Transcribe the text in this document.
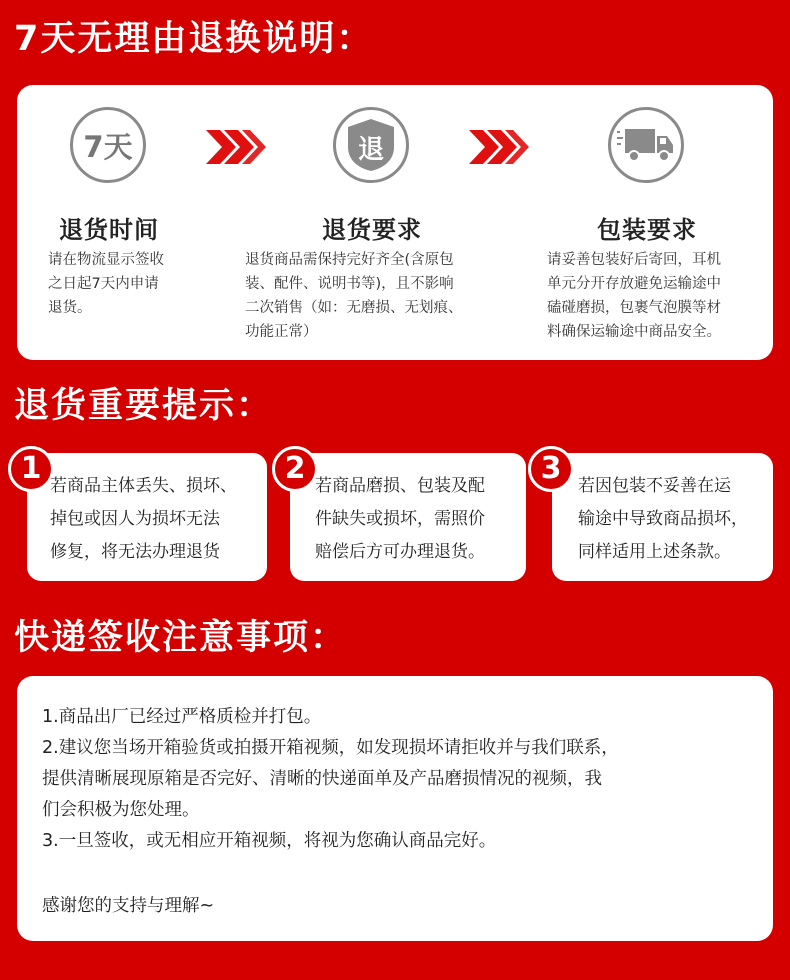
7天无理由退换说明：
7天
退货时间
请在物流显示签收
之日起7天内申请
退货。
退
退货要求
退货商品需保持完好齐全(含原包
装、配件、说明书等)，且不影响
二次销售（如：无磨损、无划痕、
功能正常）
包装要求
请妥善包装好后寄回，耳机
单元分开存放避免运输途中
磕碰磨损，包裹气泡膜等材
料确保运输途中商品安全。
退货重要提示：
1 若商品主体丢失、损坏、
掉包或因人为损坏无法
修复，将无法办理退货
2 若商品磨损、包装及配
件缺失或损坏，需照价
赔偿后方可办理退货。
3 若因包装不妥善在运
输途中导致商品损坏，
同样适用上述条款。
快递签收注意事项：
1.商品出厂已经过严格质检并打包。
2.建议您当场开箱验货或拍摄开箱视频，如发现损坏请拒收并与我们联系，
提供清晰展现原箱是否完好、清晰的快递面单及产品磨损情况的视频，我
们会积极为您处理。
3.一旦签收，或无相应开箱视频，将视为您确认商品完好。
感谢您的支持与理解~
